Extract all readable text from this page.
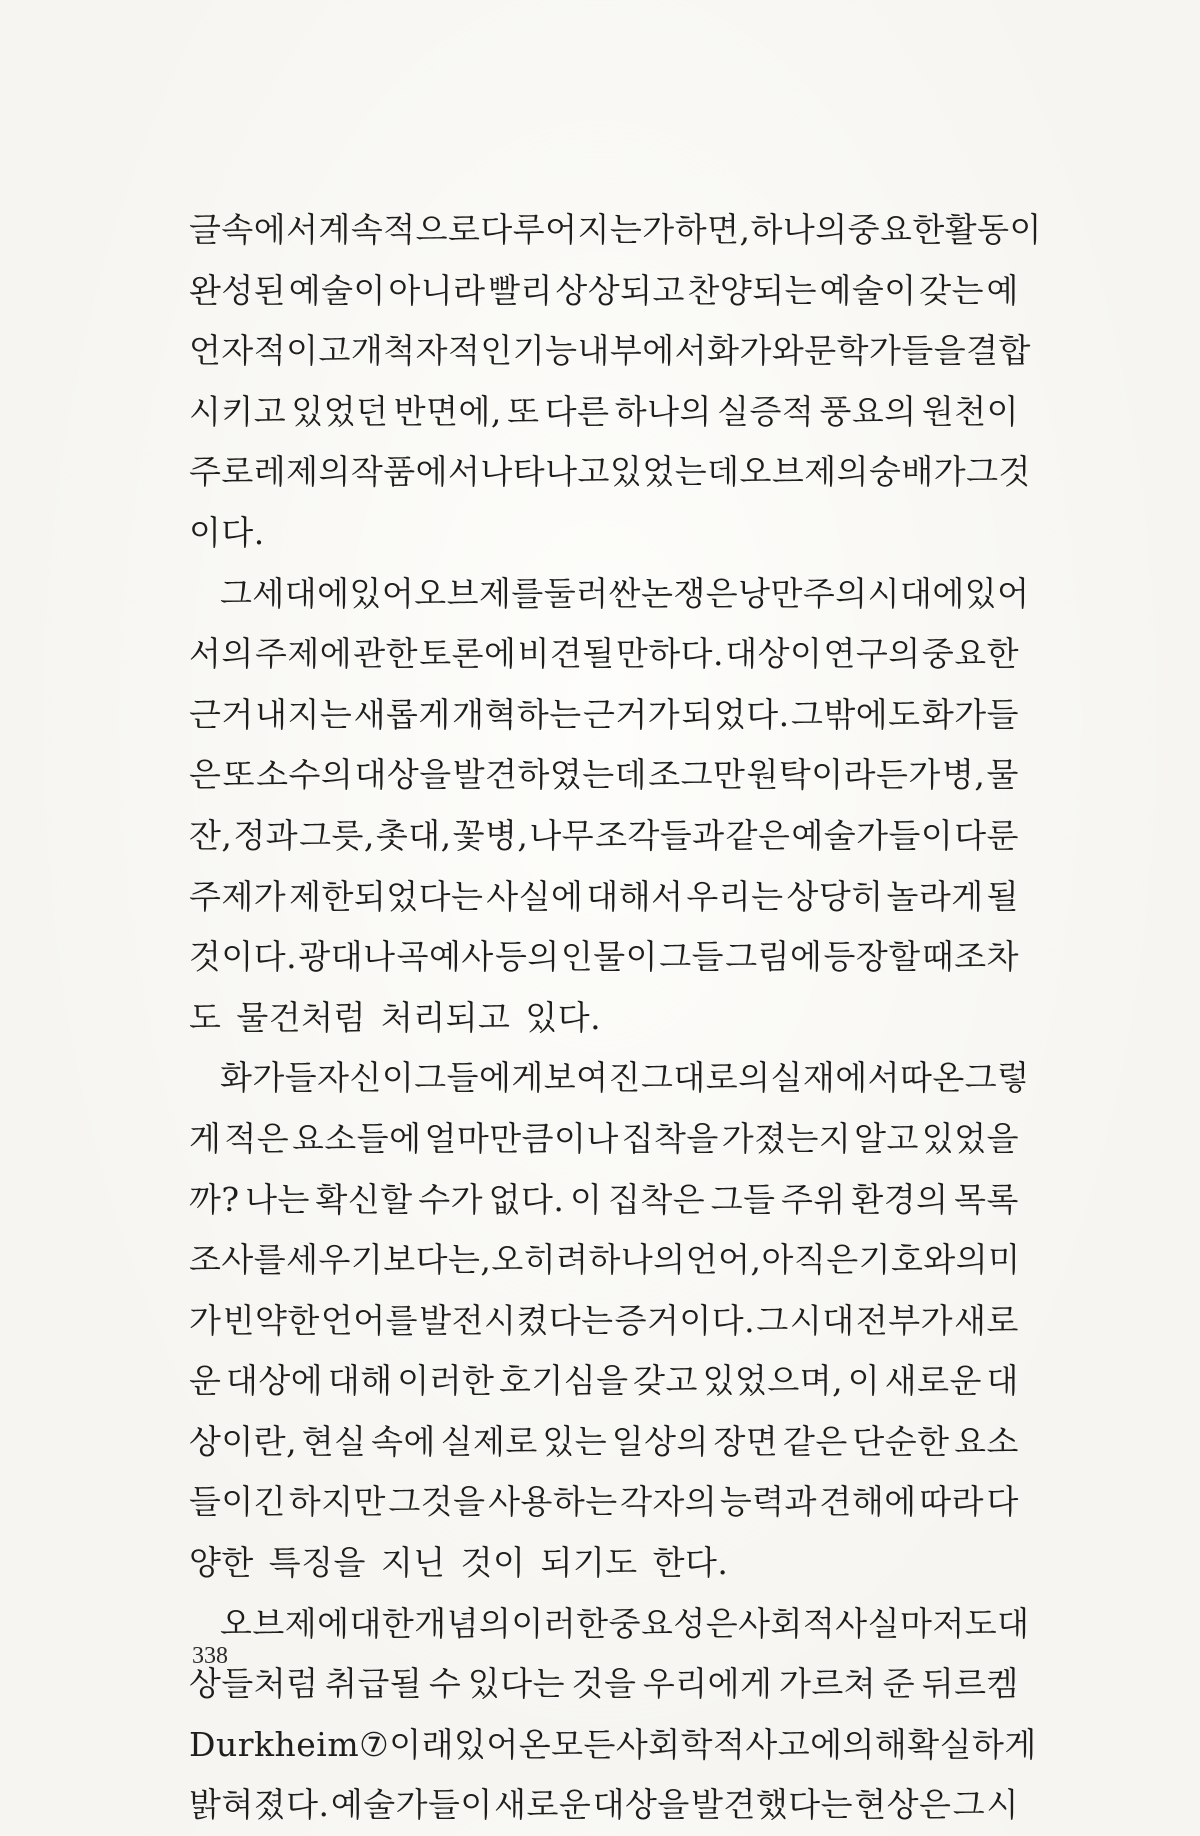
글속에서 계속적으로 다루어지는가 하면, 하나의 중요한 활동이
완성된 예술이 아니라 빨리 상상되고 찬양되는 예술이 갖는 예
언자적이고 개척자적인 기능 내부에서 화가와 문학가들을 결합
시키고 있었던 반면에, 또 다른 하나의 실증적 풍요의 원천이
주로 레제의 작품에서 나타나고 있었는데 오브제의 숭배가 그것
이다.
그 세대에 있어 오브제를 둘러싼 논쟁은 낭만주의시대에 있어
서의 주제에 관한 토론에 비견될 만하다. 대상이 연구의 중요한
근거 내지는 새롭게 개혁하는 근거가 되었다. 그밖에도 화가들
은 또 소수의 대상을 발견하였는데 조그만 원탁이라든가 병, 물
잔, 정과 그릇, 촛대, 꽃병, 나무 조각들과 같은 예술가들이 다룬
주제가 제한되었다는 사실에 대해서 우리는 상당히 놀라게 될
것이다. 광대나 곡예사 등의 인물이 그들 그림에 등장할 때조차
도 물건처럼 처리되고 있다.
화가들 자신이 그들에게 보여진 그대로의 실재에서 따온 그렇
게 적은 요소들에 얼마만큼이나 집착을 가졌는지 알고 있었을
까? 나는 확신할 수가 없다. 이 집착은 그들 주위 환경의 목록
조사를 세우기보다는, 오히려 하나의 언어, 아직은 기호와 의미
가 빈약한 언어를 발전시켰다는 증거이다. 그 시대 전부가 새로
운 대상에 대해 이러한 호기심을 갖고 있었으며, 이 새로운 대
상이란, 현실 속에 실제로 있는 일상의 장면 같은 단순한 요소
들이긴 하지만 그것을 사용하는 각자의 능력과 견해에 따라 다
양한 특징을 지닌 것이 되기도 한다.
오브제에 대한 개념의 이러한 중요성은 사회적 사실마저도 대
상들처럼 취급될 수 있다는 것을 우리에게 가르쳐 준 뒤르켐
Durkheim⑦ 이래 있어온 모든 사회학적 사고에 의해 확실하게
밝혀졌다. 예술가들이 새로운 대상을 발견했다는 현상은 그 시
338
